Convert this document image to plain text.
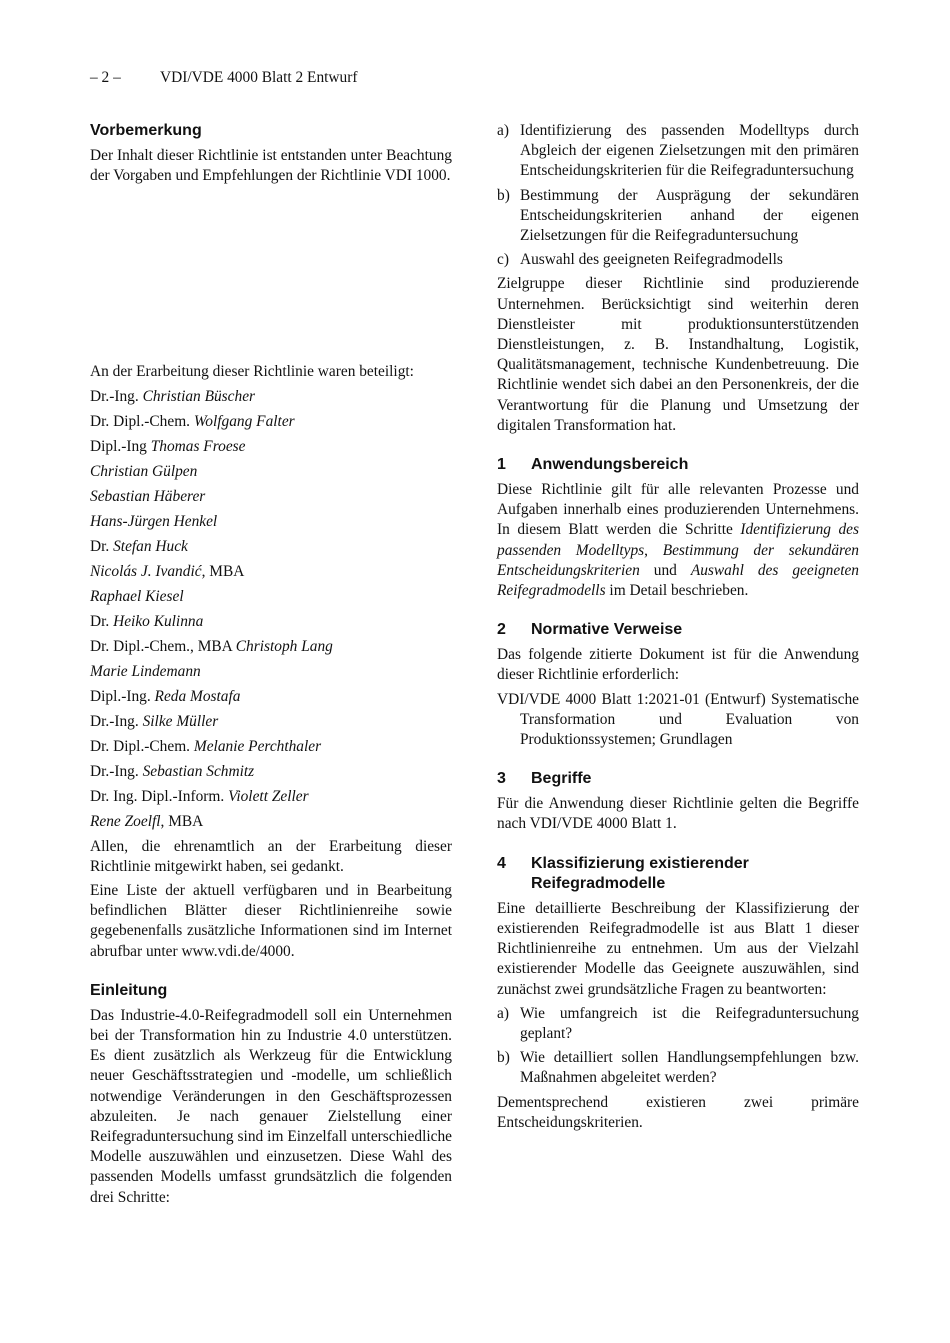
– 2 –	VDI/VDE 4000 Blatt 2 Entwurf
Vorbemerkung

Der Inhalt dieser Richtlinie ist entstanden unter Beachtung der Vorgaben und Empfehlungen der Richtlinie VDI 1000.

An der Erarbeitung dieser Richtlinie waren beteiligt:

Dr.-Ing. Christian Büscher

Dr. Dipl.-Chem. Wolfgang Falter

Dipl.-Ing Thomas Froese

Christian Gülpen

Sebastian Häberer

Hans-Jürgen Henkel

Dr. Stefan Huck

Nicolás J. Ivandić, MBA

Raphael Kiesel

Dr. Heiko Kulinna

Dr. Dipl.-Chem., MBA Christoph Lang

Marie Lindemann

Dipl.-Ing. Reda Mostafa

Dr.-Ing. Silke Müller

Dr. Dipl.-Chem. Melanie Perchthaler

Dr.-Ing. Sebastian Schmitz

Dr. Ing. Dipl.-Inform. Violett Zeller

Rene Zoelfl, MBA

Allen, die ehrenamtlich an der Erarbeitung dieser Richtlinie mitgewirkt haben, sei gedankt.

Eine Liste der aktuell verfügbaren und in Bearbeitung befindlichen Blätter dieser Richtlinienreihe sowie gegebenenfalls zusätzliche Informationen sind im Internet abrufbar unter www.vdi.de/4000.

Einleitung

Das Industrie-4.0-Reifegradmodell soll ein Unternehmen bei der Transformation hin zu Industrie 4.0 unterstützen. Es dient zusätzlich als Werkzeug für die Entwicklung neuer Geschäftsstrategien und -modelle, um schließlich notwendige Veränderungen in den Geschäftsprozessen abzuleiten. Je nach genauer Zielstellung einer Reifegraduntersuchung sind im Einzelfall unterschiedliche Modelle auszuwählen und einzusetzen. Diese Wahl des passenden Modells umfasst grundsätzlich die folgenden drei Schritte:

a) Identifizierung des passenden Modelltyps durch Abgleich der eigenen Zielsetzungen mit den primären Entscheidungskriterien für die Reifegraduntersuchung
b) Bestimmung der Ausprägung der sekundären Entscheidungskriterien anhand der eigenen Zielsetzungen für die Reifegraduntersuchung
c) Auswahl des geeigneten Reifegradmodells

Zielgruppe dieser Richtlinie sind produzierende Unternehmen. Berücksichtigt sind weiterhin deren Dienstleister mit produktionsunterstützenden Dienstleistungen, z. B. Instandhaltung, Logistik, Qualitätsmanagement, technische Kundenbetreuung. Die Richtlinie wendet sich dabei an den Personenkreis, der die Verantwortung für die Planung und Umsetzung der digitalen Transformation hat.

1 Anwendungsbereich

Diese Richtlinie gilt für alle relevanten Prozesse und Aufgaben innerhalb eines produzierenden Unternehmens. In diesem Blatt werden die Schritte Identifizierung des passenden Modelltyps, Bestimmung der sekundären Entscheidungskriterien und Auswahl des geeigneten Reifegradmodells im Detail beschrieben.

2 Normative Verweise

Das folgende zitierte Dokument ist für die Anwendung dieser Richtlinie erforderlich:

VDI/VDE 4000 Blatt 1:2021-01 (Entwurf) Systematische Transformation und Evaluation von Produktionssystemen; Grundlagen

3 Begriffe

Für die Anwendung dieser Richtlinie gelten die Begriffe nach VDI/VDE 4000 Blatt 1.

4 Klassifizierung existierender Reifegradmodelle

Eine detaillierte Beschreibung der Klassifizierung der existierenden Reifegradmodelle ist aus Blatt 1 dieser Richtlinienreihe zu entnehmen. Um aus der Vielzahl existierender Modelle das Geeignete auszuwählen, sind zunächst zwei grundsätzliche Fragen zu beantworten:

a) Wie umfangreich ist die Reifegraduntersuchung geplant?
b) Wie detailliert sollen Handlungsempfehlungen bzw. Maßnahmen abgeleitet werden?

Dementsprechend existieren zwei primäre Entscheidungskriterien.
